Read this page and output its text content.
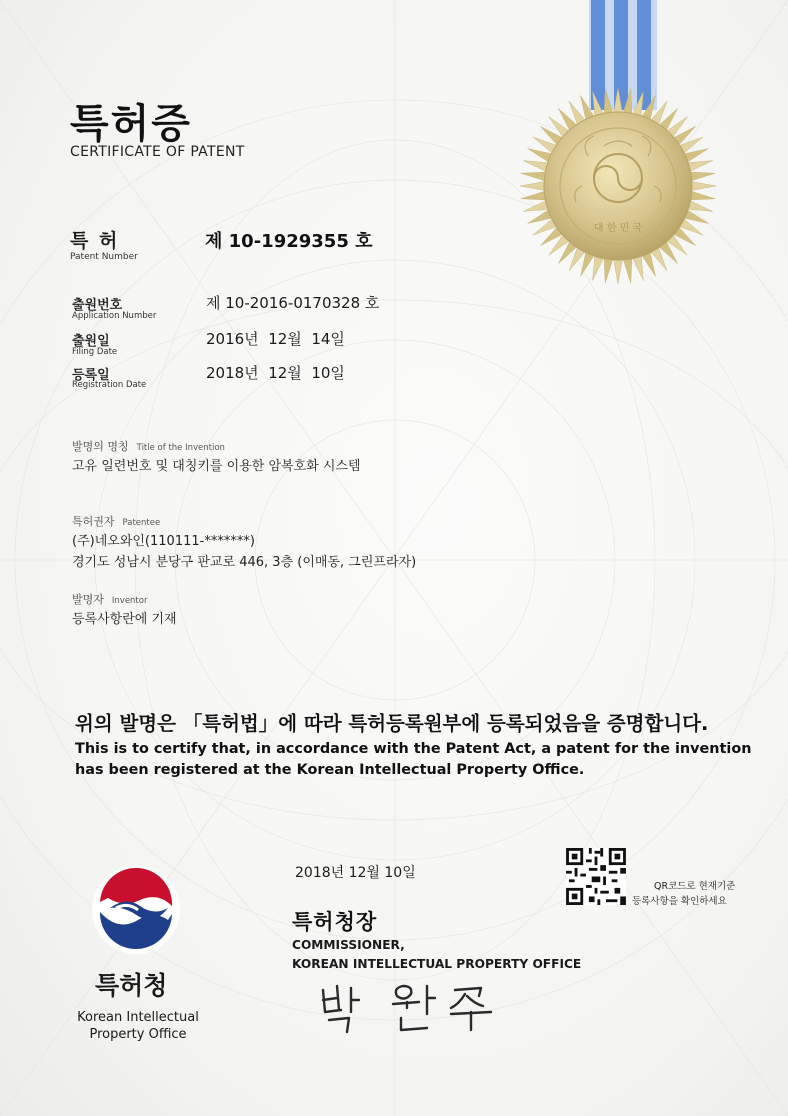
대 한 민 국
특허증
CERTIFICATE OF PATENT
특 허
Patent Number
제 10-1929355 호
출원번호
Application Number
제 10-2016-0170328 호
출원일
Filing Date
2016년  12월  14일
등록일
Registration Date
2018년  12월  10일
발명의 명칭 Title of the Invention
고유 일련번호 및 대칭키를 이용한 암복호화 시스템
특허권자 Patentee
(주)네오와인(110111-*******)
경기도 성남시 분당구 판교로 446, 3층 (이매동, 그린프라자)
발명자 Inventor
등록사항란에 기재
위의 발명은 「특허법」에 따라 특허등록원부에 등록되었음을 증명합니다.
This is to certify that, in accordance with the Patent Act, a patent for the invention
has been registered at the Korean Intellectual Property Office.
2018년 12월 10일
QR코드로 현재기준
등록사항을 확인하세요
특허청장
COMMISSIONER,
KOREAN INTELLECTUAL PROPERTY OFFICE
특허청
Korean Intellectual
Property Office
